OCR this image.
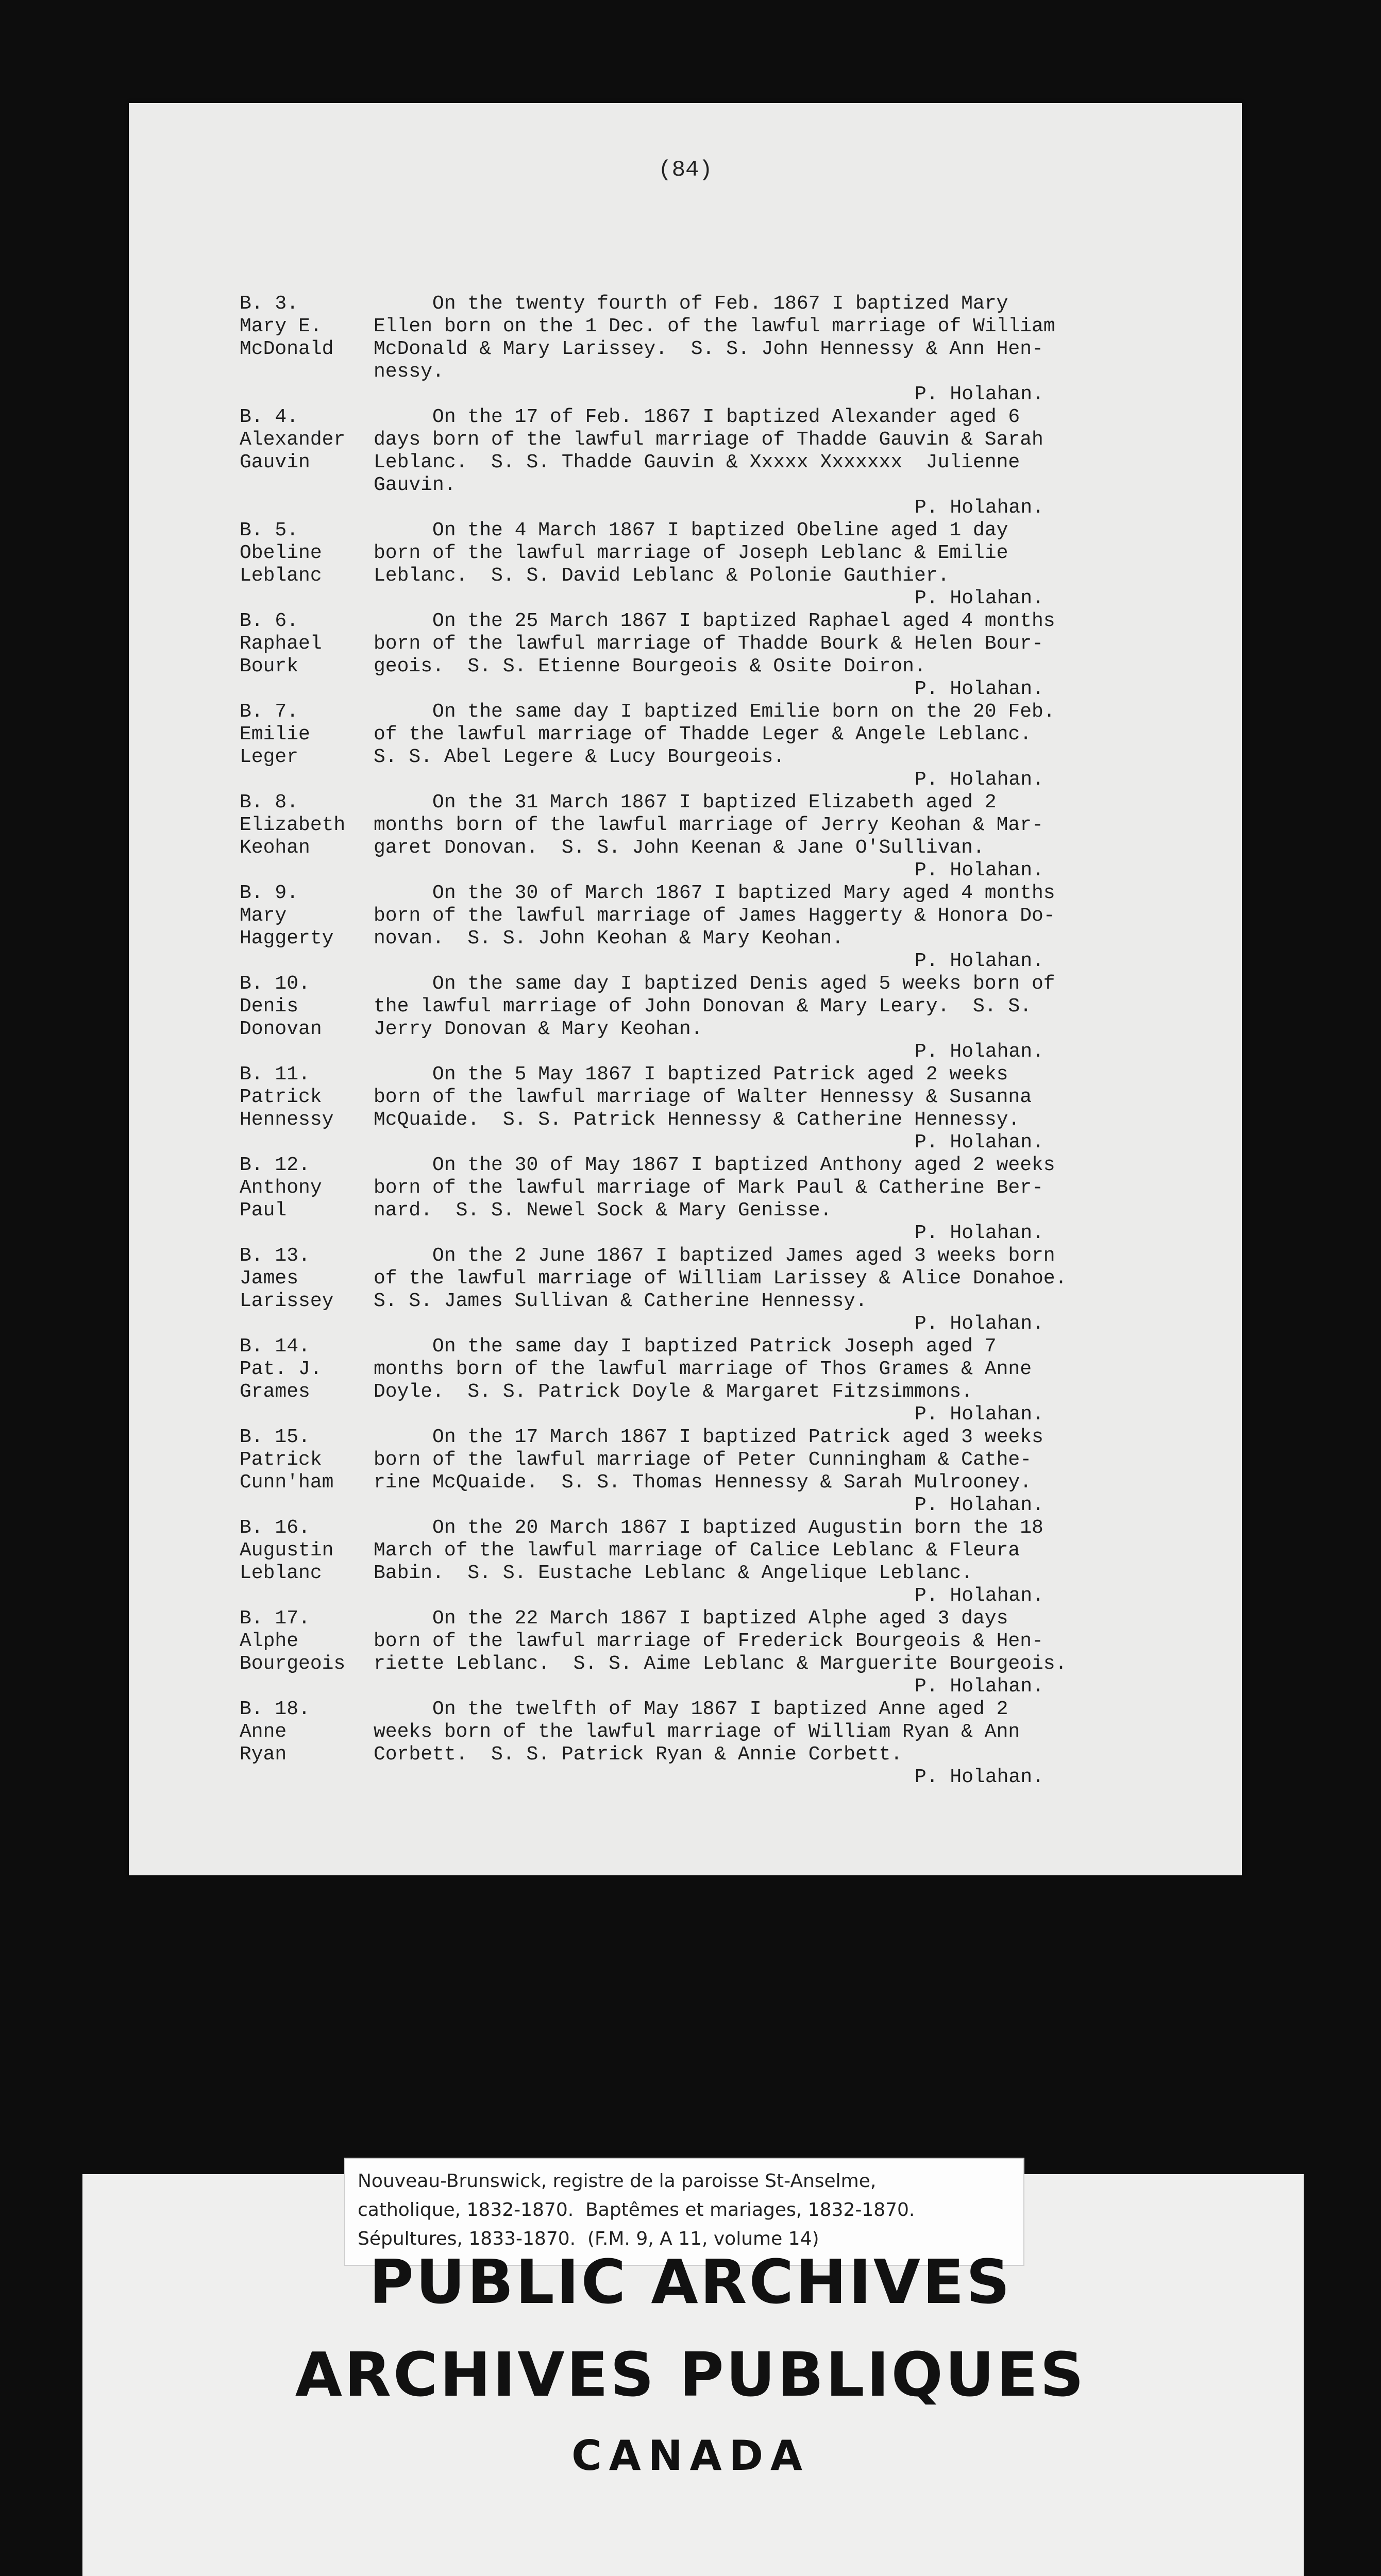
(84)
B. 3.
Mary E.
McDonald
On the twenty fourth of Feb. 1867 I baptized Mary
Ellen born on the 1 Dec. of the lawful marriage of William
McDonald & Mary Larissey.  S. S. John Hennessy & Ann Hen-
nessy.
P. Holahan.
B. 4.
Alexander
Gauvin
On the 17 of Feb. 1867 I baptized Alexander aged 6
days born of the lawful marriage of Thadde Gauvin & Sarah
Leblanc.  S. S. Thadde Gauvin & Xxxxx Xxxxxxx  Julienne
Gauvin.
P. Holahan.
B. 5.
Obeline
Leblanc
On the 4 March 1867 I baptized Obeline aged 1 day
born of the lawful marriage of Joseph Leblanc & Emilie
Leblanc.  S. S. David Leblanc & Polonie Gauthier.
P. Holahan.
B. 6.
Raphael
Bourk
On the 25 March 1867 I baptized Raphael aged 4 months
born of the lawful marriage of Thadde Bourk & Helen Bour-
geois.  S. S. Etienne Bourgeois & Osite Doiron.
P. Holahan.
B. 7.
Emilie
Leger
On the same day I baptized Emilie born on the 20 Feb.
of the lawful marriage of Thadde Leger & Angele Leblanc.
S. S. Abel Legere & Lucy Bourgeois.
P. Holahan.
B. 8.
Elizabeth
Keohan
On the 31 March 1867 I baptized Elizabeth aged 2
months born of the lawful marriage of Jerry Keohan & Mar-
garet Donovan.  S. S. John Keenan & Jane O'Sullivan.
P. Holahan.
B. 9.
Mary
Haggerty
On the 30 of March 1867 I baptized Mary aged 4 months
born of the lawful marriage of James Haggerty & Honora Do-
novan.  S. S. John Keohan & Mary Keohan.
P. Holahan.
B. 10.
Denis
Donovan
On the same day I baptized Denis aged 5 weeks born of
the lawful marriage of John Donovan & Mary Leary.  S. S.
Jerry Donovan & Mary Keohan.
P. Holahan.
B. 11.
Patrick
Hennessy
On the 5 May 1867 I baptized Patrick aged 2 weeks
born of the lawful marriage of Walter Hennessy & Susanna
McQuaide.  S. S. Patrick Hennessy & Catherine Hennessy.
P. Holahan.
B. 12.
Anthony
Paul
On the 30 of May 1867 I baptized Anthony aged 2 weeks
born of the lawful marriage of Mark Paul & Catherine Ber-
nard.  S. S. Newel Sock & Mary Genisse.
P. Holahan.
B. 13.
James
Larissey
On the 2 June 1867 I baptized James aged 3 weeks born
of the lawful marriage of William Larissey & Alice Donahoe.
S. S. James Sullivan & Catherine Hennessy.
P. Holahan.
B. 14.
Pat. J.
Grames
On the same day I baptized Patrick Joseph aged 7
months born of the lawful marriage of Thos Grames & Anne
Doyle.  S. S. Patrick Doyle & Margaret Fitzsimmons.
P. Holahan.
B. 15.
Patrick
Cunn'ham
On the 17 March 1867 I baptized Patrick aged 3 weeks
born of the lawful marriage of Peter Cunningham & Cathe-
rine McQuaide.  S. S. Thomas Hennessy & Sarah Mulrooney.
P. Holahan.
B. 16.
Augustin
Leblanc
On the 20 March 1867 I baptized Augustin born the 18
March of the lawful marriage of Calice Leblanc & Fleura
Babin.  S. S. Eustache Leblanc & Angelique Leblanc.
P. Holahan.
B. 17.
Alphe
Bourgeois
On the 22 March 1867 I baptized Alphe aged 3 days
born of the lawful marriage of Frederick Bourgeois & Hen-
riette Leblanc.  S. S. Aime Leblanc & Marguerite Bourgeois.
P. Holahan.
B. 18.
Anne
Ryan
On the twelfth of May 1867 I baptized Anne aged 2
weeks born of the lawful marriage of William Ryan & Ann
Corbett.  S. S. Patrick Ryan & Annie Corbett.
P. Holahan.
Nouveau-Brunswick, registre de la paroisse St-Anselme,
catholique, 1832-1870.  Baptêmes et mariages, 1832-1870.
Sépultures, 1833-1870.  (F.M. 9, A 11, volume 14)
PUBLIC ARCHIVES
ARCHIVES PUBLIQUES
CANADA
